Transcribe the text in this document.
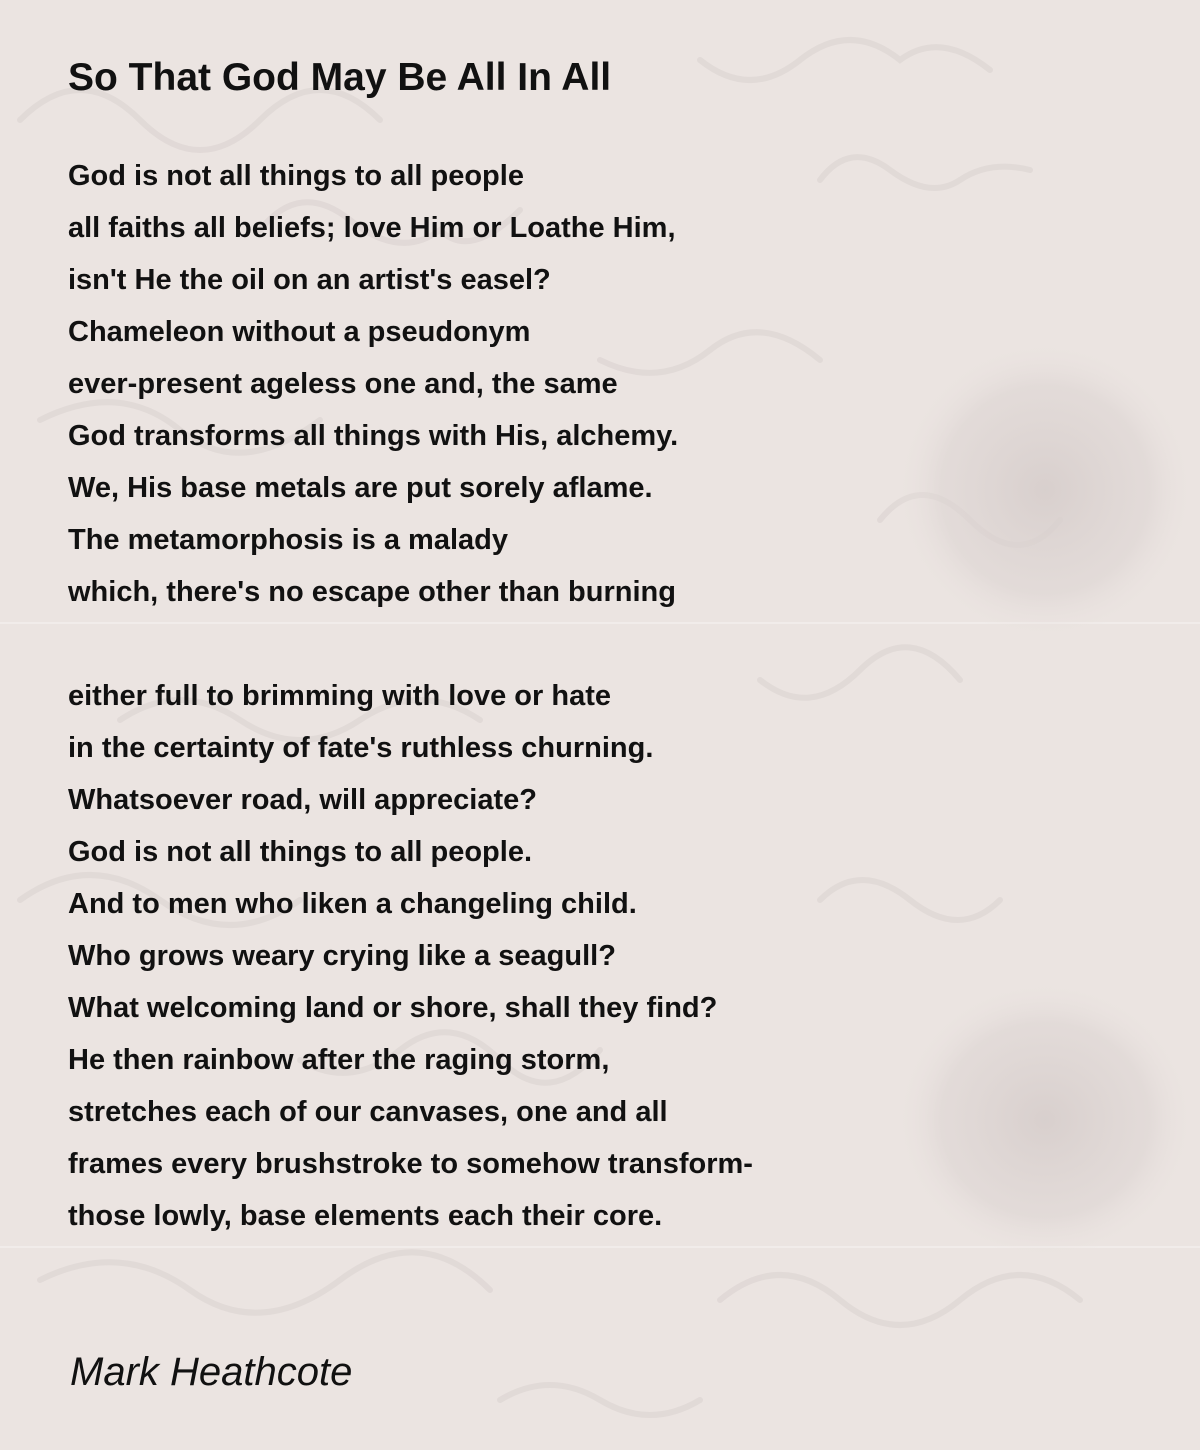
So That God May Be All In All
God is not all things to all people
all faiths all beliefs; love Him or Loathe Him,
isn't He the oil on an artist's easel?
Chameleon without a pseudonym
ever-present ageless one and, the same
God transforms all things with His, alchemy.
We, His base metals are put sorely aflame.
The metamorphosis is a malady
which, there's no escape other than burning
either full to brimming with love or hate
in the certainty of fate's ruthless churning.
Whatsoever road, will appreciate?
God is not all things to all people.
And to men who liken a changeling child.
Who grows weary crying like a seagull?
What welcoming land or shore, shall they find?
He then rainbow after the raging storm,
stretches each of our canvases, one and all
frames every brushstroke to somehow transform-
those lowly, base elements each their core.

Mark Heathcote
